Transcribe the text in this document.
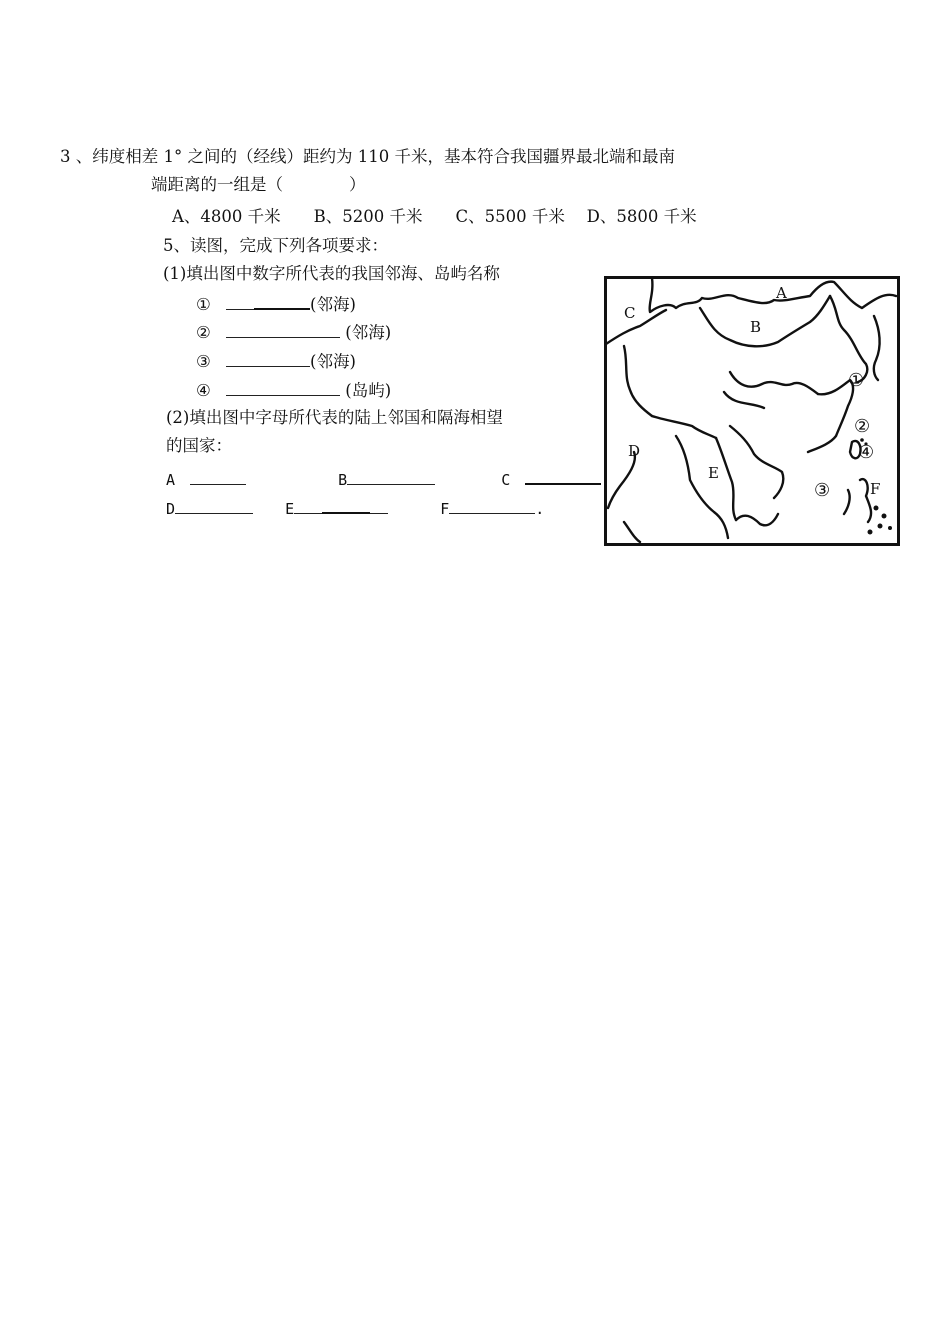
3 、纬度相差 1° 之间的（经线）距约为 110 千米，基本符合我国疆界最北端和最南
端距离的一组是（　　　　）
A、4800 千米　　B、5200 千米　　C、5500 千米　 D、5800 千米
5、读图，完成下列各项要求：
(1)填出图中数字所代表的我国邻海、岛屿名称
①	(邻海)
②	(邻海)
③	(邻海)
④	(岛屿)
(2)填出图中字母所代表的陆上邻国和隔海相望
的国家：
A	B	C
D	E	F	.
A
B
C
D
E
F
①
②
③
④
